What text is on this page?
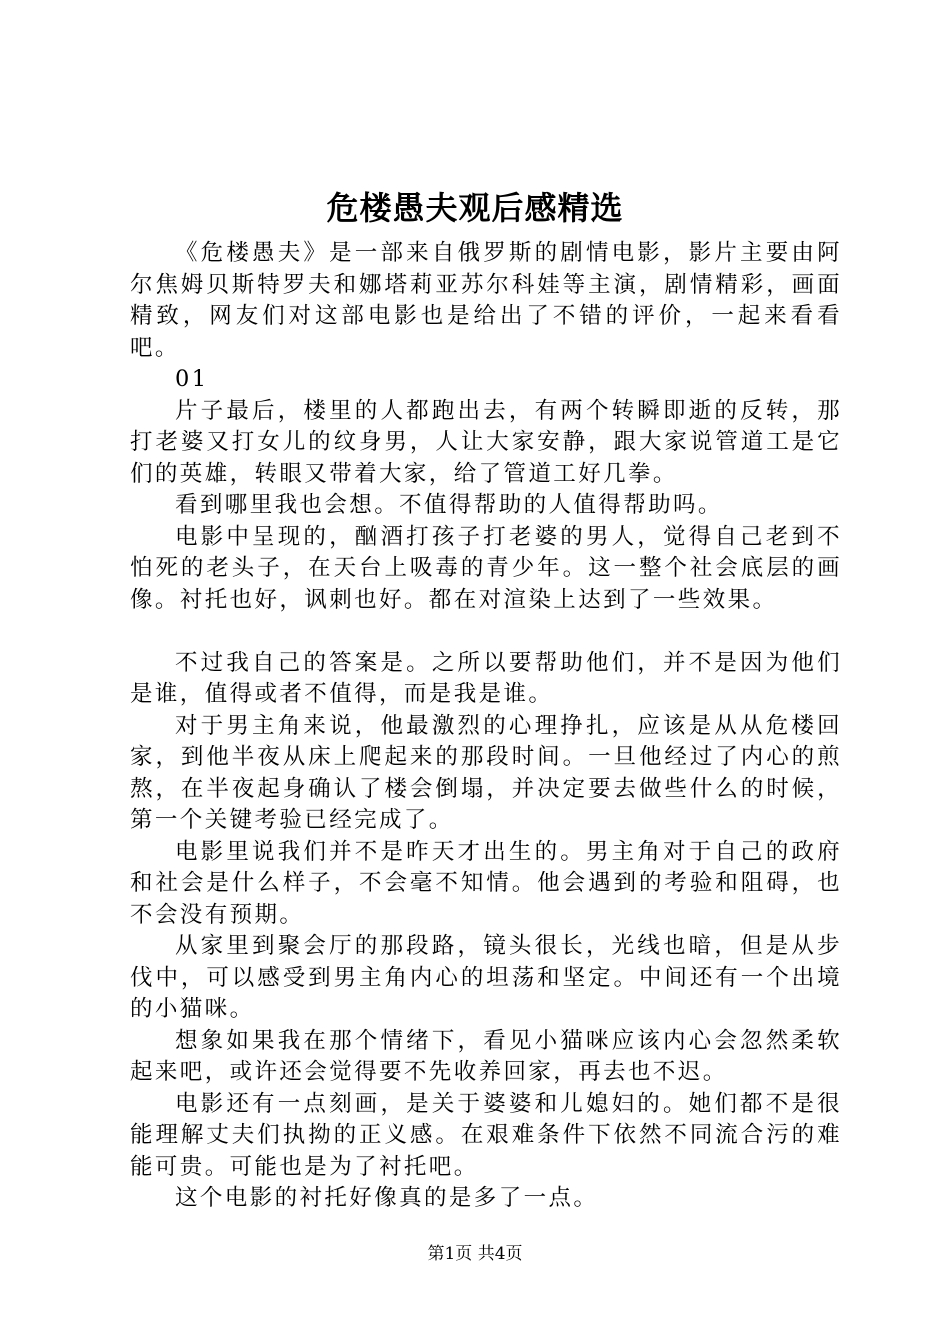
危楼愚夫观后感精选

《危楼愚夫》是一部来自俄罗斯的剧情电影，影片主要由阿尔焦姆贝斯特罗夫和娜塔莉亚苏尔科娃等主演，剧情精彩，画面精致，网友们对这部电影也是给出了不错的评价，一起来看看吧。

01

片子最后，楼里的人都跑出去，有两个转瞬即逝的反转，那打老婆又打女儿的纹身男，人让大家安静，跟大家说管道工是它们的英雄，转眼又带着大家，给了管道工好几拳。

看到哪里我也会想。不值得帮助的人值得帮助吗。

电影中呈现的，酗酒打孩子打老婆的男人，觉得自己老到不怕死的老头子，在天台上吸毒的青少年。这一整个社会底层的画像。衬托也好，讽刺也好。都在对渲染上达到了一些效果。

不过我自己的答案是。之所以要帮助他们，并不是因为他们是谁，值得或者不值得，而是我是谁。

对于男主角来说，他最激烈的心理挣扎，应该是从从危楼回家，到他半夜从床上爬起来的那段时间。一旦他经过了内心的煎熬，在半夜起身确认了楼会倒塌，并决定要去做些什么的时候，第一个关键考验已经完成了。

电影里说我们并不是昨天才出生的。男主角对于自己的政府和社会是什么样子，不会毫不知情。他会遇到的考验和阻碍，也不会没有预期。

从家里到聚会厅的那段路，镜头很长，光线也暗，但是从步伐中，可以感受到男主角内心的坦荡和坚定。中间还有一个出境的小猫咪。

想象如果我在那个情绪下，看见小猫咪应该内心会忽然柔软起来吧，或许还会觉得要不先收养回家，再去也不迟。

电影还有一点刻画，是关于婆婆和儿媳妇的。她们都不是很能理解丈夫们执拗的正义感。在艰难条件下依然不同流合污的难能可贵。可能也是为了衬托吧。

这个电影的衬托好像真的是多了一点。

第1页 共4页
